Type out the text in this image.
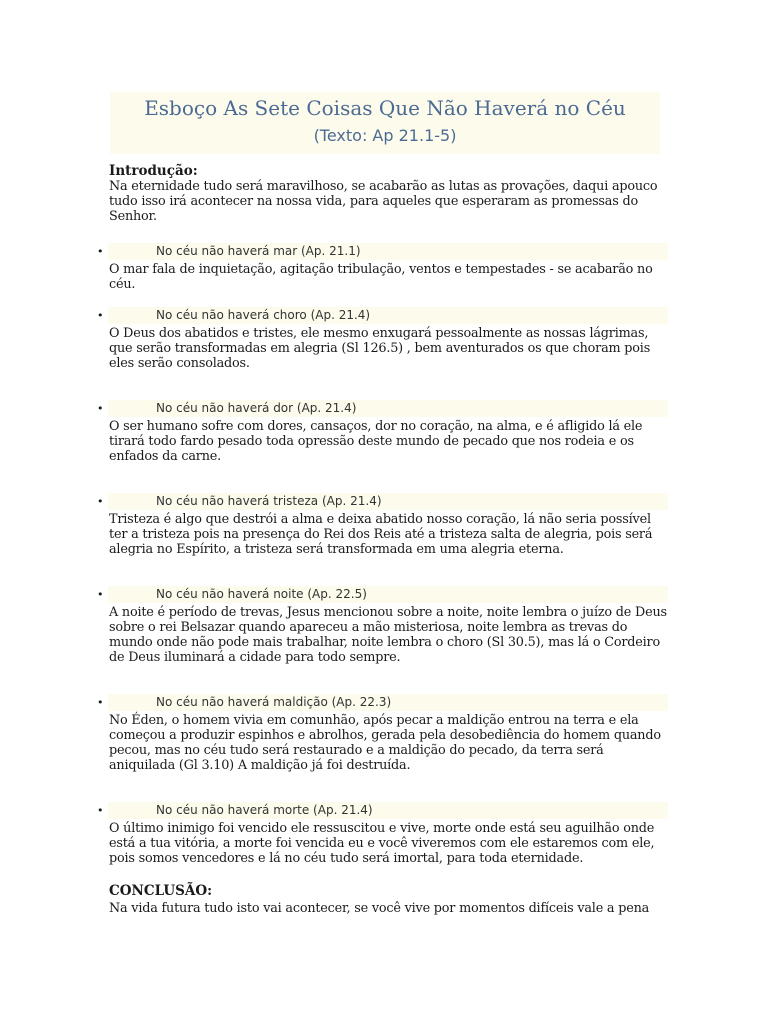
Esboço As Sete Coisas Que Não Haverá no Céu
(Texto: Ap 21.1-5)
Introdução:
Na eternidade tudo será maravilhoso, se acabarão as lutas as provações, daqui apouco tudo isso irá acontecer na nossa vida, para aqueles que esperaram as promessas do Senhor.
•	No céu não haverá mar (Ap. 21.1)
O mar fala de inquietação, agitação tribulação, ventos e tempestades - se acabarão no céu.
•	No céu não haverá choro (Ap. 21.4)
O Deus dos abatidos e tristes, ele mesmo enxugará pessoalmente as nossas lágrimas, que serão transformadas em alegria (Sl 126.5) , bem aventurados os que choram pois eles serão consolados.
•	No céu não haverá dor (Ap. 21.4)
O ser humano sofre com dores, cansaços, dor no coração, na alma, e é afligido lá ele tirará todo fardo pesado toda opressão deste mundo de pecado que nos rodeia e os enfados da carne.
•	No céu não haverá tristeza (Ap. 21.4)
Tristeza é algo que destrói a alma e deixa abatido nosso coração, lá não seria possível ter a tristeza pois na presença do Rei dos Reis até a tristeza salta de alegria, pois será alegria no Espírito, a tristeza será transformada em uma alegria eterna.
•	No céu não haverá noite (Ap. 22.5)
A noite é período de trevas, Jesus mencionou sobre a noite, noite lembra o juízo de Deus sobre o rei Belsazar quando apareceu a mão misteriosa, noite lembra as trevas do mundo onde não pode mais trabalhar, noite lembra o choro (Sl 30.5), mas lá o Cordeiro de Deus iluminará a cidade para todo sempre.
•	No céu não haverá maldição (Ap. 22.3)
No Éden, o homem vivia em comunhão, após pecar a maldição entrou na terra e ela começou a produzir espinhos e abrolhos, gerada pela desobediência do homem quando pecou, mas no céu tudo será restaurado e a maldição do pecado, da terra será aniquilada (Gl 3.10) A maldição já foi destruída.
•	No céu não haverá morte (Ap. 21.4)
O último inimigo foi vencido ele ressuscitou e vive, morte onde está seu aguilhão onde está a tua vitória, a morte foi vencida eu e você viveremos com ele estaremos com ele, pois somos vencedores e lá no céu tudo será imortal, para toda eternidade.
CONCLUSÃO:
Na vida futura tudo isto vai acontecer, se você vive por momentos difíceis vale a pena
